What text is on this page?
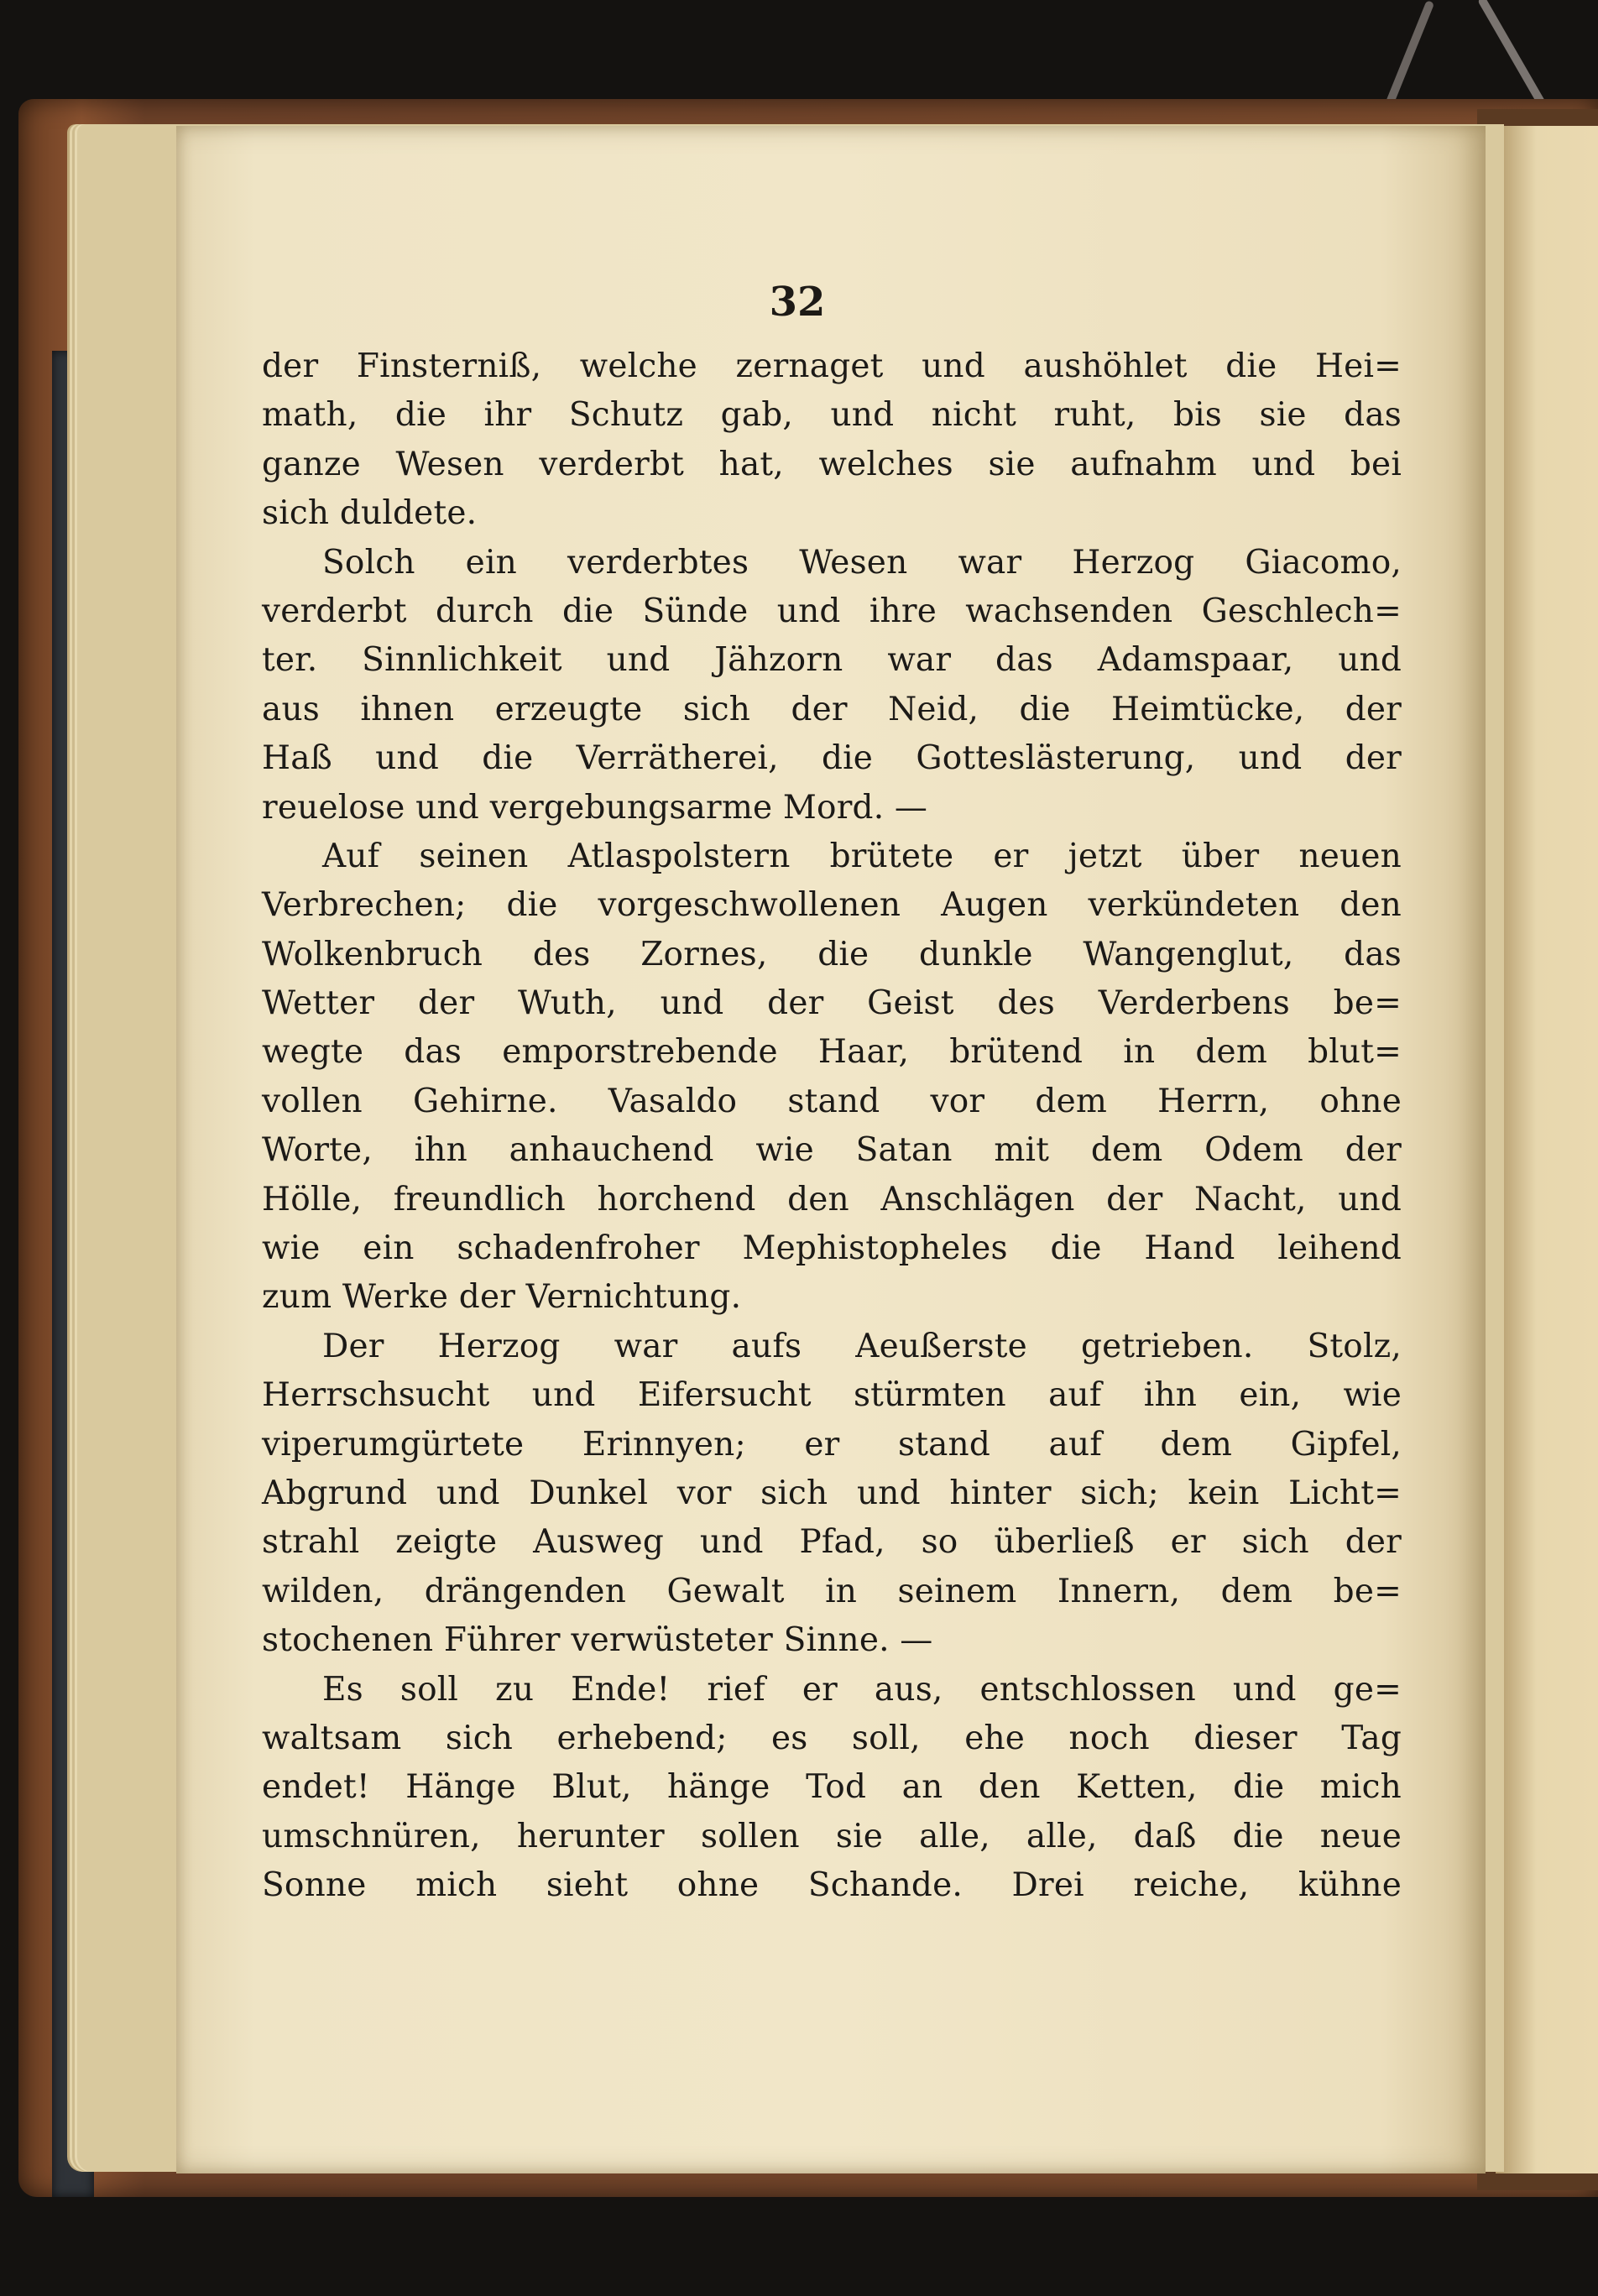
32
der Finsterniß, welche zernaget und aushöhlet die Hei=
math, die ihr Schutz gab, und nicht ruht, bis sie das
ganze Wesen verderbt hat, welches sie aufnahm und bei
sich duldete.
Solch ein verderbtes Wesen war Herzog Giacomo,
verderbt durch die Sünde und ihre wachsenden Geschlech=
ter. Sinnlichkeit und Jähzorn war das Adamspaar, und
aus ihnen erzeugte sich der Neid, die Heimtücke, der
Haß und die Verrätherei, die Gotteslästerung, und der
reuelose und vergebungsarme Mord. —
Auf seinen Atlaspolstern brütete er jetzt über neuen
Verbrechen; die vorgeschwollenen Augen verkündeten den
Wolkenbruch des Zornes, die dunkle Wangenglut, das
Wetter der Wuth, und der Geist des Verderbens be=
wegte das emporstrebende Haar, brütend in dem blut=
vollen Gehirne. Vasaldo stand vor dem Herrn, ohne
Worte, ihn anhauchend wie Satan mit dem Odem der
Hölle, freundlich horchend den Anschlägen der Nacht, und
wie ein schadenfroher Mephistopheles die Hand leihend
zum Werke der Vernichtung.
Der Herzog war aufs Aeußerste getrieben. Stolz,
Herrschsucht und Eifersucht stürmten auf ihn ein, wie
viperumgürtete Erinnyen; er stand auf dem Gipfel,
Abgrund und Dunkel vor sich und hinter sich; kein Licht=
strahl zeigte Ausweg und Pfad, so überließ er sich der
wilden, drängenden Gewalt in seinem Innern, dem be=
stochenen Führer verwüsteter Sinne. —
Es soll zu Ende! rief er aus, entschlossen und ge=
waltsam sich erhebend; es soll, ehe noch dieser Tag
endet! Hänge Blut, hänge Tod an den Ketten, die mich
umschnüren, herunter sollen sie alle, alle, daß die neue
Sonne mich sieht ohne Schande. Drei reiche, kühne
